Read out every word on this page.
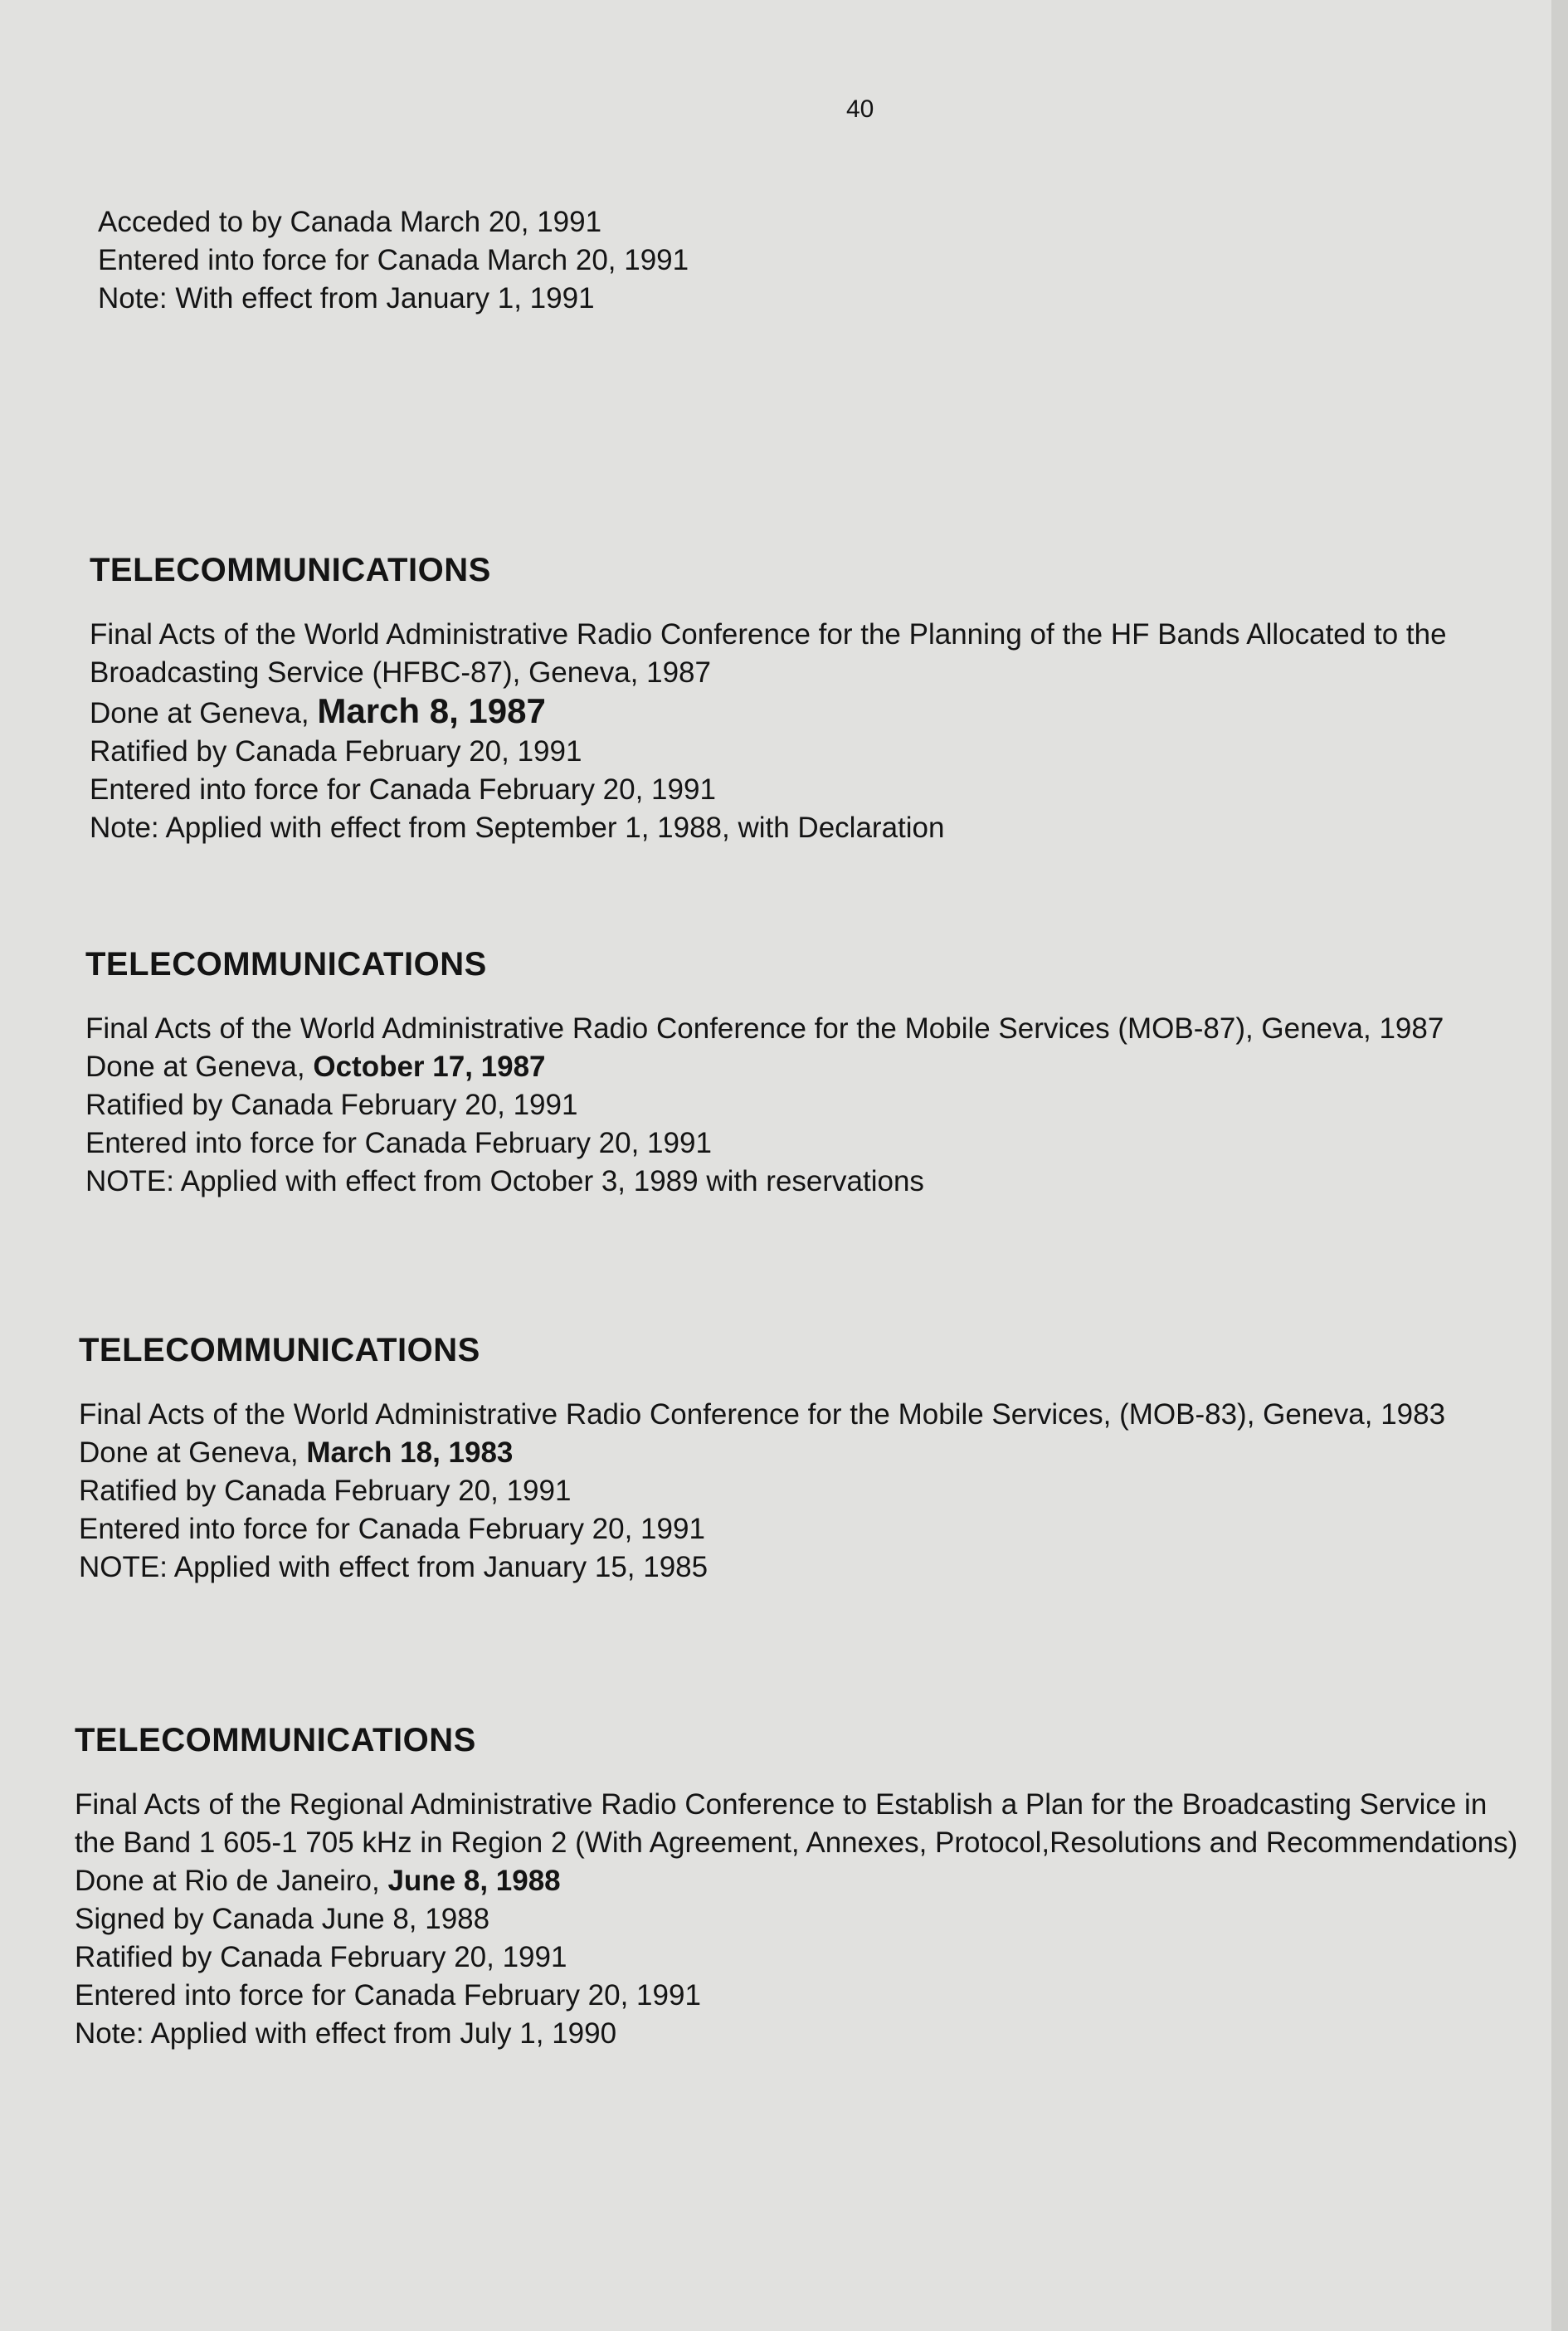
40

Acceded to by Canada March 20, 1991

Entered into force for Canada March 20, 1991

Note: With effect from January 1, 1991

TELECOMMUNICATIONS

Final Acts of the World Administrative Radio Conference for the Planning of the HF Bands Allocated to the Broadcasting Service (HFBC-87), Geneva, 1987

Done at Geneva, March 8, 1987

Ratified by Canada February 20, 1991

Entered into force for Canada February 20, 1991

Note: Applied with effect from September 1, 1988, with Declaration

TELECOMMUNICATIONS

Final Acts of the World Administrative Radio Conference for the Mobile Services (MOB-87), Geneva, 1987

Done at Geneva, October 17, 1987

Ratified by Canada February 20, 1991

Entered into force for Canada February 20, 1991

NOTE: Applied with effect from October 3, 1989 with reservations

TELECOMMUNICATIONS

Final Acts of the World Administrative Radio Conference for the Mobile Services, (MOB-83), Geneva, 1983

Done at Geneva, March 18, 1983

Ratified by Canada February 20, 1991

Entered into force for Canada February 20, 1991

NOTE: Applied with effect from January 15, 1985

TELECOMMUNICATIONS

Final Acts of the Regional Administrative Radio Conference to Establish a Plan for the Broadcasting Service in the Band 1 605-1 705 kHz in Region 2 (With Agreement, Annexes, Protocol,Resolutions and Recommendations)

Done at Rio de Janeiro, June 8, 1988

Signed by Canada June 8, 1988

Ratified by Canada February 20, 1991

Entered into force for Canada February 20, 1991

Note: Applied with effect from July 1, 1990
